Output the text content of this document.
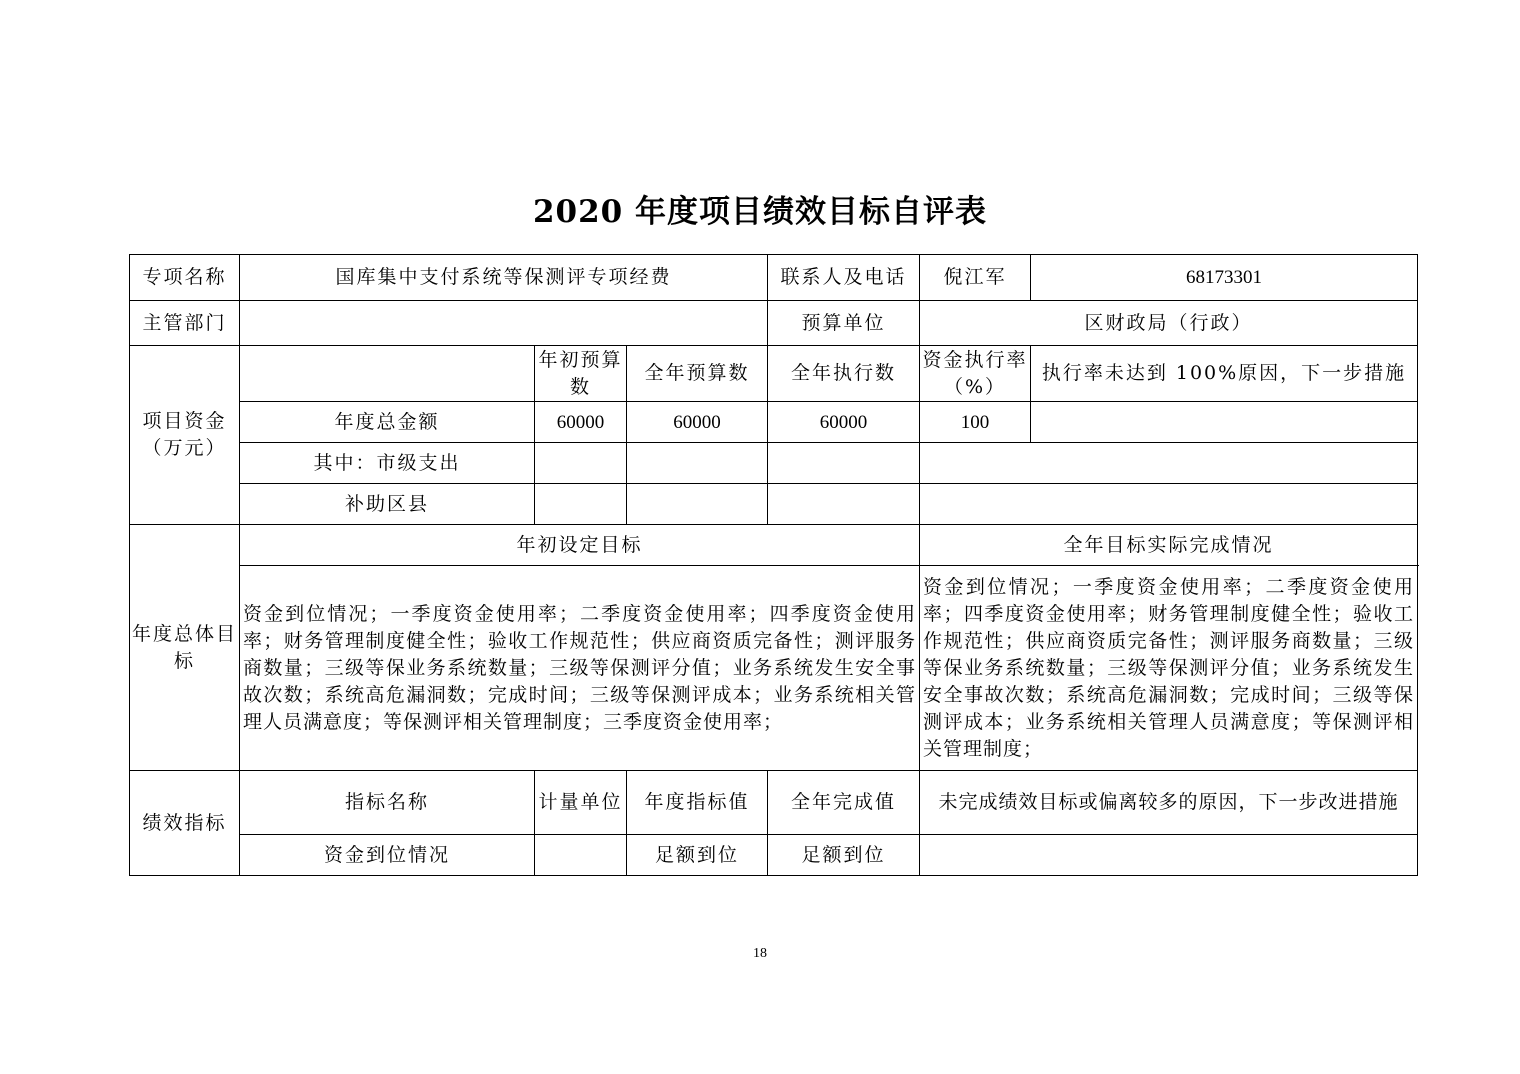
2020 年度项目绩效目标自评表
专项名称	国库集中支付系统等保测评专项经费			联系人及电话	倪江军	68173301
主管部门				预算单位	区财政局（行政）	
项目资金（万元）		年初预算数	全年预算数	全年执行数	资金执行率（%）	执行率未达到 100%原因，下一步措施
	年度总金额	60000	60000	60000	100	
	其中：市级支出					
	补助区县					
年度总体目标	年初设定目标				全年目标实际完成情况	
	资金到位情况；一季度资金使用率；二季度资金使用率；四季度资金使用率；财务管理制度健全性；验收工作规范性；供应商资质完备性；测评服务商数量；三级等保业务系统数量；三级等保测评分值；业务系统发生安全事故次数；系统高危漏洞数；完成时间；三级等保测评成本；业务系统相关管理人员满意度；等保测评相关管理制度；三季度资金使用率；				资金到位情况；一季度资金使用率；二季度资金使用率；四季度资金使用率；财务管理制度健全性；验收工作规范性；供应商资质完备性；测评服务商数量；三级等保业务系统数量；三级等保测评分值；业务系统发生安全事故次数；系统高危漏洞数；完成时间；三级等保测评成本；业务系统相关管理人员满意度；等保测评相关管理制度；	
绩效指标	指标名称	计量单位	年度指标值	全年完成值	未完成绩效目标或偏离较多的原因，下一步改进措施	
	资金到位情况		足额到位	足额到位		
18
